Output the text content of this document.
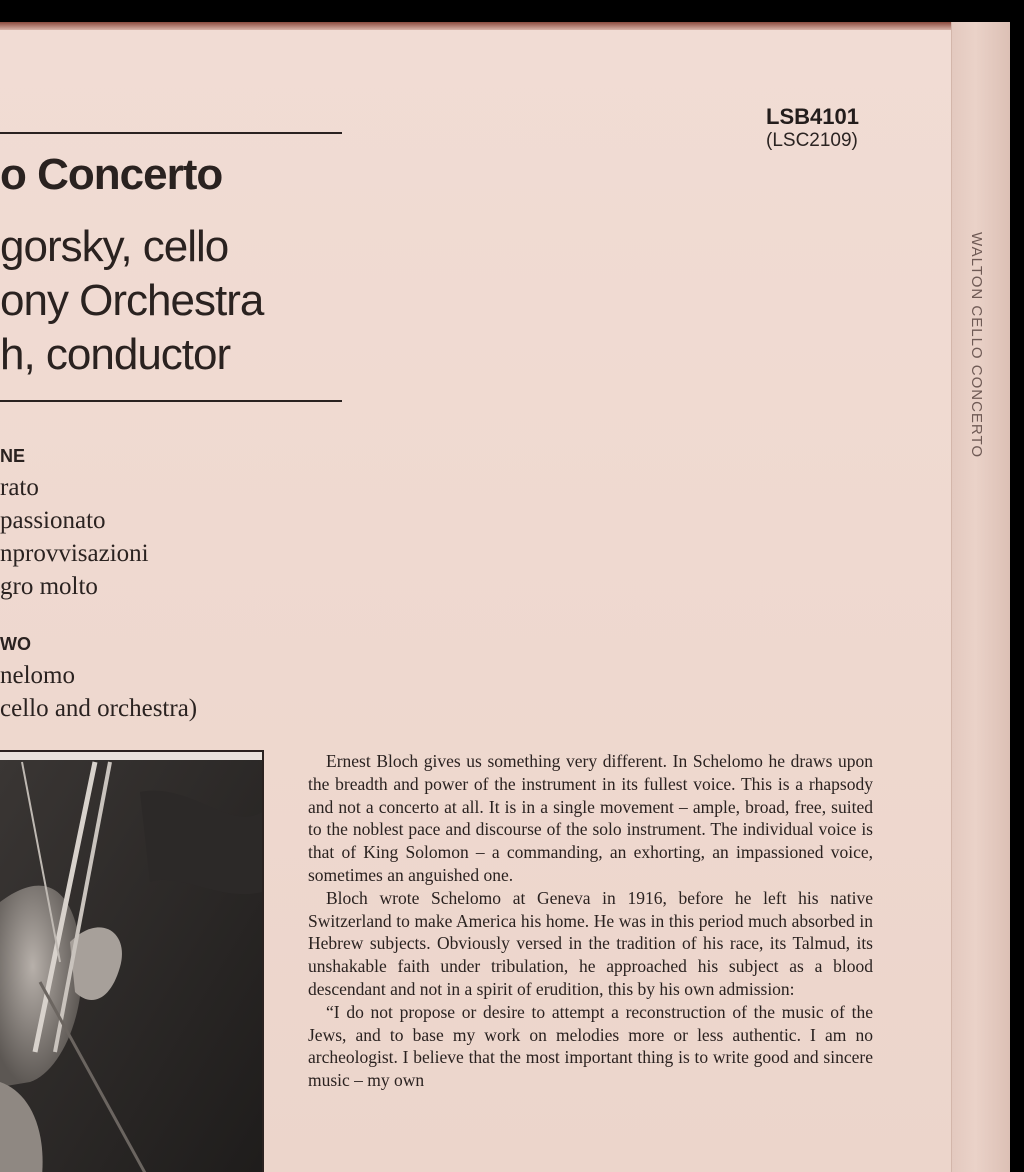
o Concerto
gorsky, cello
ony Orchestra
h, conductor
LSB4101
(LSC2109)
NE
rato
passionato
nprovvisazioni
gro molto
WO
nelomo
cello and orchestra)

Ernest Bloch gives us something very different. In Schelomo he draws upon the breadth and power of the instrument in its fullest voice. This is a rhapsody and not a concerto at all. It is in a single movement – ample, broad, free, suited to the noblest pace and discourse of the solo instrument. The individual voice is that of King Solomon – a commanding, an exhorting, an impassioned voice, sometimes an anguished one.

Bloch wrote Schelomo at Geneva in 1916, before he left his native Switzerland to make America his home. He was in this period much absorbed in Hebrew subjects. Obviously versed in the tradition of his race, its Talmud, its unshakable faith under tribulation, he approached his subject as a blood descendant and not in a spirit of erudition, this by his own admission:

“I do not propose or desire to attempt a reconstruction of the music of the Jews, and to base my work on melodies more or less authentic. I am no archeologist. I believe that the most important thing is to write good and sincere music – my own

WALTON CELLO CONCERTO
